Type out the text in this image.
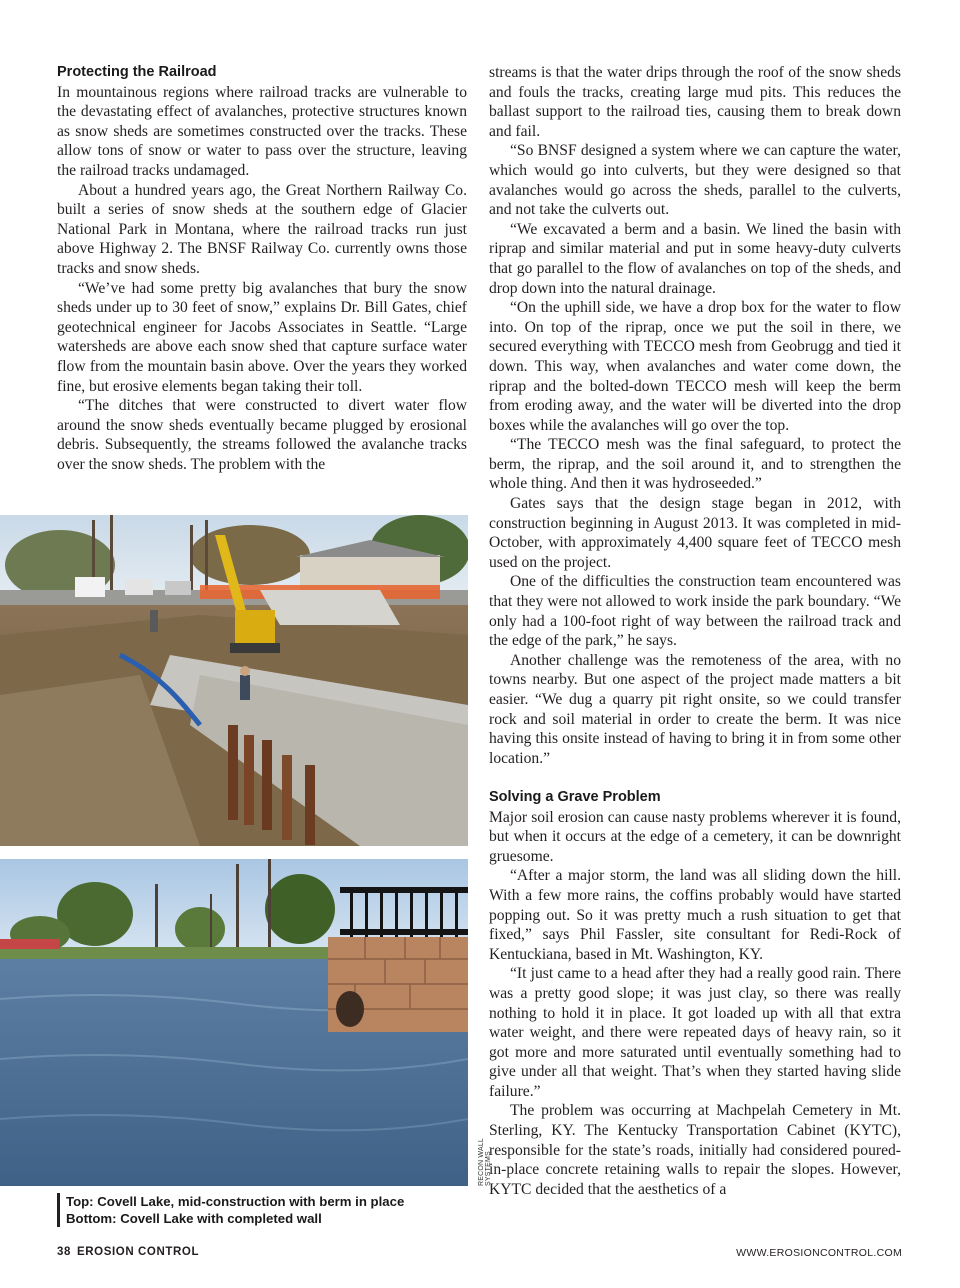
Protecting the Railroad

In mountainous regions where railroad tracks are vulnerable to the devastating effect of avalanches, protective structures known as snow sheds are sometimes constructed over the tracks. These allow tons of snow or water to pass over the structure, leaving the railroad tracks undamaged.

About a hundred years ago, the Great Northern Railway Co. built a series of snow sheds at the southern edge of Glacier National Park in Montana, where the railroad tracks run just above Highway 2. The BNSF Railway Co. currently owns those tracks and snow sheds.

“We’ve had some pretty big avalanches that bury the snow sheds under up to 30 feet of snow,” explains Dr. Bill Gates, chief geotechnical engineer for Jacobs Associates in Seattle. “Large watersheds are above each snow shed that capture surface water flow from the mountain basin above. Over the years they worked fine, but erosive elements began taking their toll.

“The ditches that were constructed to divert water flow around the snow sheds eventually became plugged by erosional debris. Subsequently, the streams followed the avalanche tracks over the snow sheds. The problem with the

streams is that the water drips through the roof of the snow sheds and fouls the tracks, creating large mud pits. This reduces the ballast support to the railroad ties, causing them to break down and fail.

“So BNSF designed a system where we can capture the water, which would go into culverts, but they were designed so that avalanches would go across the sheds, parallel to the culverts, and not take the culverts out.

“We excavated a berm and a basin. We lined the basin with riprap and similar material and put in some heavy-duty culverts that go parallel to the flow of avalanches on top of the sheds, and drop down into the natural drainage.

“On the uphill side, we have a drop box for the water to flow into. On top of the riprap, once we put the soil in there, we secured everything with TECCO mesh from Geobrugg and tied it down. This way, when avalanches and water come down, the riprap and the bolted-down TECCO mesh will keep the berm from eroding away, and the water will be diverted into the drop boxes while the avalanches will go over the top.

“The TECCO mesh was the final safeguard, to protect the berm, the riprap, and the soil around it, and to strengthen the whole thing. And then it was hydroseeded.”

Gates says that the design stage began in 2012, with construction beginning in August 2013. It was completed in mid-October, with approximately 4,400 square feet of TECCO mesh used on the project.

One of the difficulties the construction team encountered was that they were not allowed to work inside the park boundary. “We only had a 100-foot right of way between the railroad track and the edge of the park,” he says.

Another challenge was the remoteness of the area, with no towns nearby. But one aspect of the project made matters a bit easier. “We dug a quarry pit right onsite, so we could transfer rock and soil material in order to create the berm. It was nice having this onsite instead of having to bring it in from some other location.”

Solving a Grave Problem

Major soil erosion can cause nasty problems wherever it is found, but when it occurs at the edge of a cemetery, it can be downright gruesome.

“After a major storm, the land was all sliding down the hill. With a few more rains, the coffins probably would have started popping out. So it was pretty much a rush situation to get that fixed,” says Phil Fassler, site consultant for Redi-Rock of Kentuckiana, based in Mt. Washington, KY.

“It just came to a head after they had a really good rain. There was a pretty good slope; it was just clay, so there was really nothing to hold it in place. It got loaded up with all that extra water weight, and there were repeated days of heavy rain, so it got more and more saturated until eventually something had to give under all that weight. That’s when they started having slide failure.”

The problem was occurring at Machpelah Cemetery in Mt. Sterling, KY. The Kentucky Transportation Cabinet (KYTC), responsible for the state’s roads, initially had considered poured-in-place concrete retaining walls to repair the slopes. However, KYTC decided that the aesthetics of a

RECON WALL SYSTEMS
Top: Covell Lake, mid-construction with berm in place
Bottom: Covell Lake with completed wall
38 EROSION CONTROL	WWW.EROSIONCONTROL.COM
